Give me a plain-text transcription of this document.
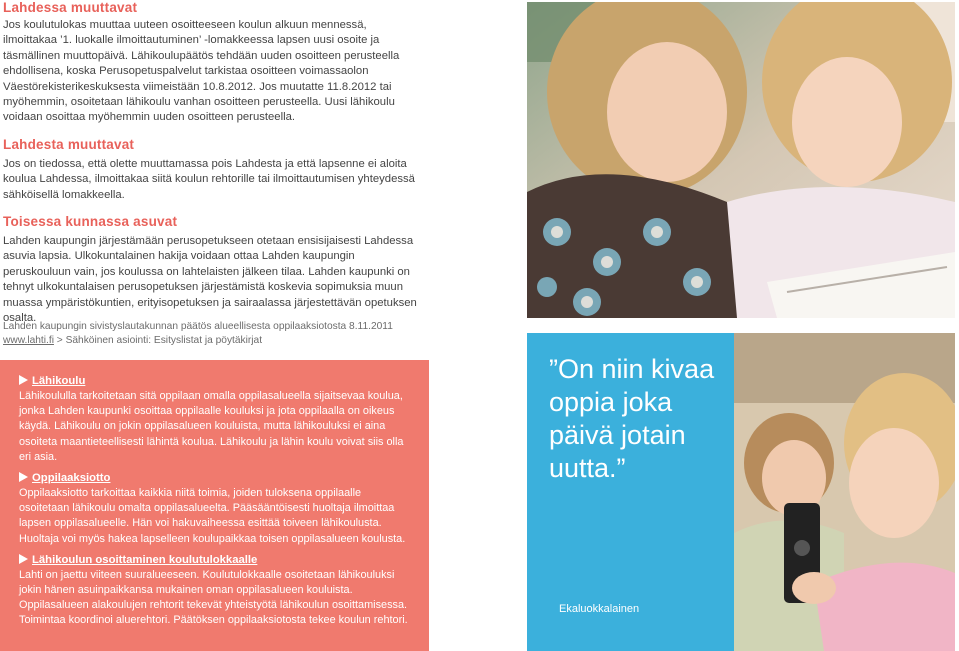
Lahdessa muuttavat

Jos koulutulokas muuttaa uuteen osoitteeseen koulun alkuun mennessä, ilmoittakaa ’1. luokalle ilmoittautuminen’ -lomakkeessa lapsen uusi osoite ja täsmällinen muuttopäivä. Lähikoulupäätös tehdään uuden osoitteen perusteella ehdollisena, koska Perusopetuspalvelut tarkistaa osoitteen voimassaolon Väestörekisterikeskuksesta viimeistään 10.8.2012. Jos muutatte 11.8.2012 tai myöhemmin, osoitetaan lähikoulu vanhan osoitteen perusteella. Uusi lähikoulu voidaan osoittaa myöhemmin uuden osoitteen perusteella.

Lahdesta muuttavat

Jos on tiedossa, että olette muuttamassa pois Lahdesta ja että lapsenne ei aloita koulua Lahdessa, ilmoittakaa siitä koulun rehtorille tai ilmoittautumisen yhteydessä sähköisellä lomakkeella.

Toisessa kunnassa asuvat

Lahden kaupungin järjestämään perusopetukseen otetaan ensisijaisesti Lahdessa asuvia lapsia. Ulkokuntalainen hakija voidaan ottaa Lahden kaupungin peruskouluun vain, jos koulussa on lahtelaisten jälkeen tilaa. Lahden kaupunki on tehnyt ulkokuntalaisen perusopetuksen järjestämistä koskevia sopimuksia muun muassa ympäristökuntien, erityisopetuksen ja sairaalassa järjestettävän opetuksen osalta.

Lahden kaupungin sivistyslautakunnan päätös alueellisesta oppilaaksiotosta 8.11.2011
www.lahti.fi > Sähköinen asiointi: Esityslistat ja pöytäkirjat
Lähikoulu

Lähikoululla tarkoitetaan sitä oppilaan omalla oppilasalueella sijaitsevaa koulua, jonka Lahden kaupunki osoittaa oppilaalle kouluksi ja jota oppilaalla on oikeus käydä. Lähikoulu on jokin oppilasalueen kouluista, mutta lähikouluksi ei aina osoiteta maantieteellisesti lähintä koulua. Lähikoulu ja lähin koulu voivat siis olla eri asia.

Oppilaaksiotto

Oppilaaksiotto tarkoittaa kaikkia niitä toimia, joiden tuloksena oppilaalle osoitetaan lähikoulu omalta oppilasalueelta. Pääsääntöisesti huoltaja ilmoittaa lapsen oppilasalueelle. Hän voi hakuvaiheessa esittää toiveen lähikoulusta. Huoltaja voi myös hakea lapselleen koulupaikkaa toisen oppilasalueen koulusta.

Lähikoulun osoittaminen koulutulokkaalle

Lahti on jaettu viiteen suuralueeseen. Koulutulokkaalle osoitetaan lähikouluksi jokin hänen asuinpaikkansa mukainen oman oppilasalueen kouluista. Oppilasalueen alakoulujen rehtorit tekevät yhteistyötä lähikoulun osoittamisessa. Toimintaa koordinoi aluerehtori. Päätöksen oppilaaksiotosta tekee koulun rehtori.

”On niin kivaa
oppia joka
päivä jotain
uutta.”
Ekaluokkalainen
